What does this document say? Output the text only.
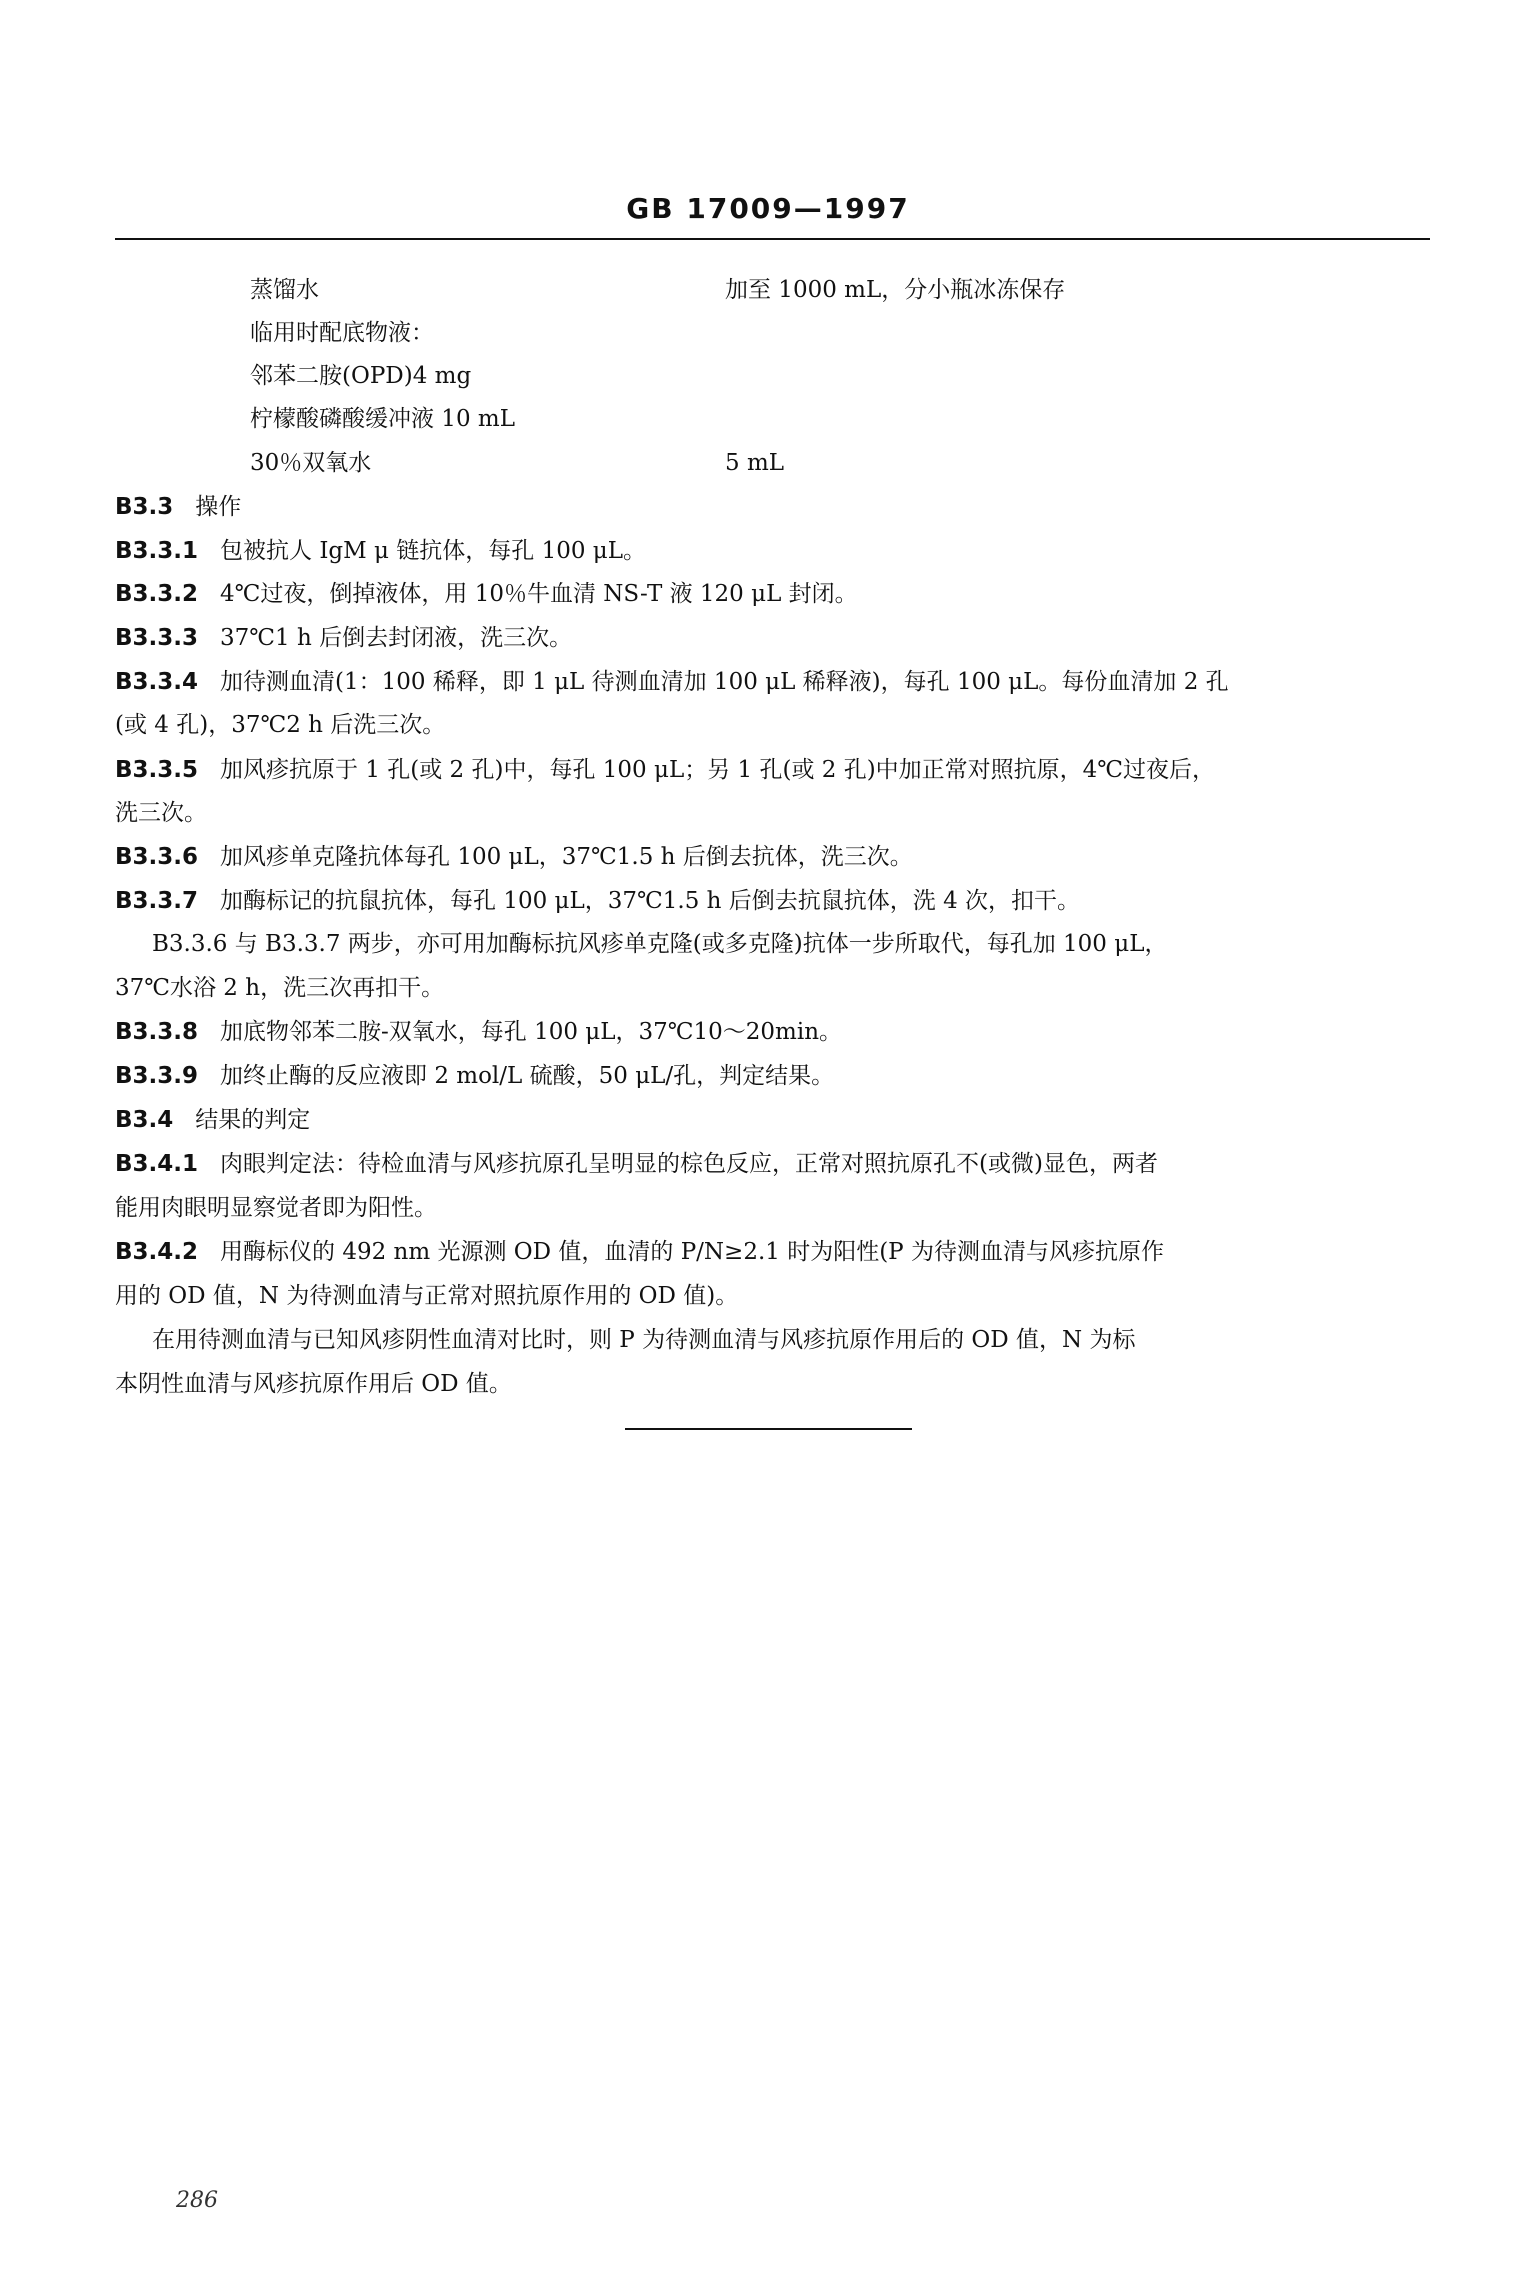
GB 17009—1997
蒸馏水	加至 1000 mL，分小瓶冰冻保存
临用时配底物液：
邻苯二胺(OPD)4 mg
柠檬酸磷酸缓冲液 10 mL
30％双氧水	5 mL
B3.3 操作
B3.3.1 包被抗人 IgM μ 链抗体，每孔 100 μL。
B3.3.2 4℃过夜，倒掉液体，用 10％牛血清 NS-T 液 120 μL 封闭。
B3.3.3 37℃1 h 后倒去封闭液，洗三次。
B3.3.4 加待测血清(1：100 稀释，即 1 μL 待测血清加 100 μL 稀释液)，每孔 100 μL。每份血清加 2 孔
(或 4 孔)，37℃2 h 后洗三次。
B3.3.5 加风疹抗原于 1 孔(或 2 孔)中，每孔 100 μL；另 1 孔(或 2 孔)中加正常对照抗原，4℃过夜后，
洗三次。
B3.3.6 加风疹单克隆抗体每孔 100 μL，37℃1.5 h 后倒去抗体，洗三次。
B3.3.7 加酶标记的抗鼠抗体，每孔 100 μL，37℃1.5 h 后倒去抗鼠抗体，洗 4 次，扣干。
B3.3.6 与 B3.3.7 两步，亦可用加酶标抗风疹单克隆(或多克隆)抗体一步所取代，每孔加 100 μL，
37℃水浴 2 h，洗三次再扣干。
B3.3.8 加底物邻苯二胺-双氧水，每孔 100 μL，37℃10～20min。
B3.3.9 加终止酶的反应液即 2 mol/L 硫酸，50 μL/孔，判定结果。
B3.4 结果的判定
B3.4.1 肉眼判定法：待检血清与风疹抗原孔呈明显的棕色反应，正常对照抗原孔不(或微)显色，两者
能用肉眼明显察觉者即为阳性。
B3.4.2 用酶标仪的 492 nm 光源测 OD 值，血清的 P/N≥2.1 时为阳性(P 为待测血清与风疹抗原作
用的 OD 值，N 为待测血清与正常对照抗原作用的 OD 值)。
在用待测血清与已知风疹阴性血清对比时，则 P 为待测血清与风疹抗原作用后的 OD 值，N 为标
本阴性血清与风疹抗原作用后 OD 值。
286
